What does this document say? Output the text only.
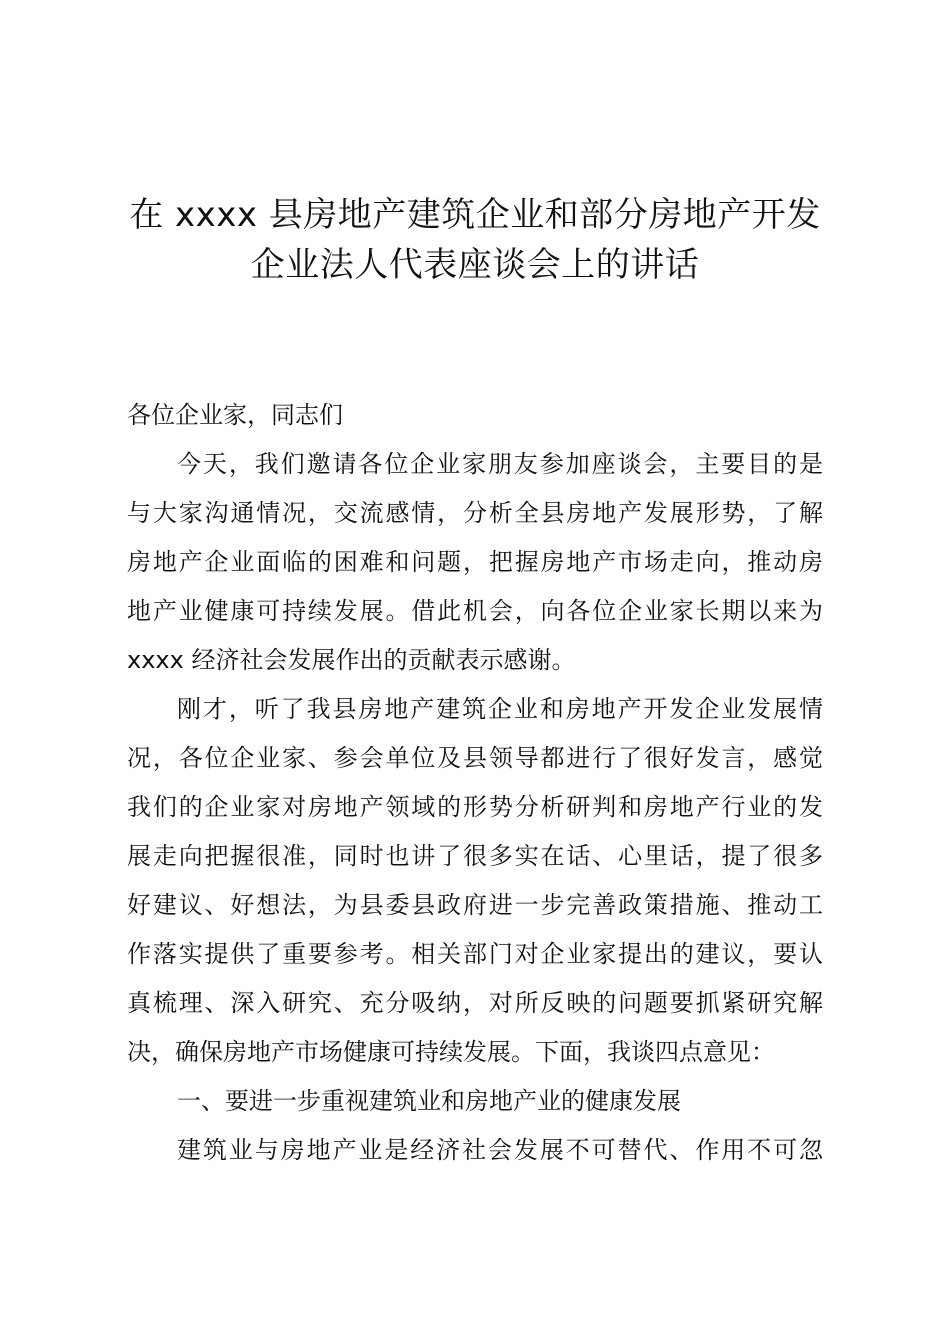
在 xxxx 县房地产建筑企业和部分房地产开发
企业法人代表座谈会上的讲话

各位企业家，同志们

今天，我们邀请各位企业家朋友参加座谈会，主要目的是
与大家沟通情况，交流感情，分析全县房地产发展形势，了解
房地产企业面临的困难和问题，把握房地产市场走向，推动房
地产业健康可持续发展。借此机会，向各位企业家长期以来为
xxxx 经济社会发展作出的贡献表示感谢。

刚才，听了我县房地产建筑企业和房地产开发企业发展情
况，各位企业家、参会单位及县领导都进行了很好发言，感觉
我们的企业家对房地产领域的形势分析研判和房地产行业的发
展走向把握很准，同时也讲了很多实在话、心里话，提了很多
好建议、好想法，为县委县政府进一步完善政策措施、推动工
作落实提供了重要参考。相关部门对企业家提出的建议，要认
真梳理、深入研究、充分吸纳，对所反映的问题要抓紧研究解
决，确保房地产市场健康可持续发展。下面，我谈四点意见：

一、要进一步重视建筑业和房地产业的健康发展

建筑业与房地产业是经济社会发展不可替代、作用不可忽
